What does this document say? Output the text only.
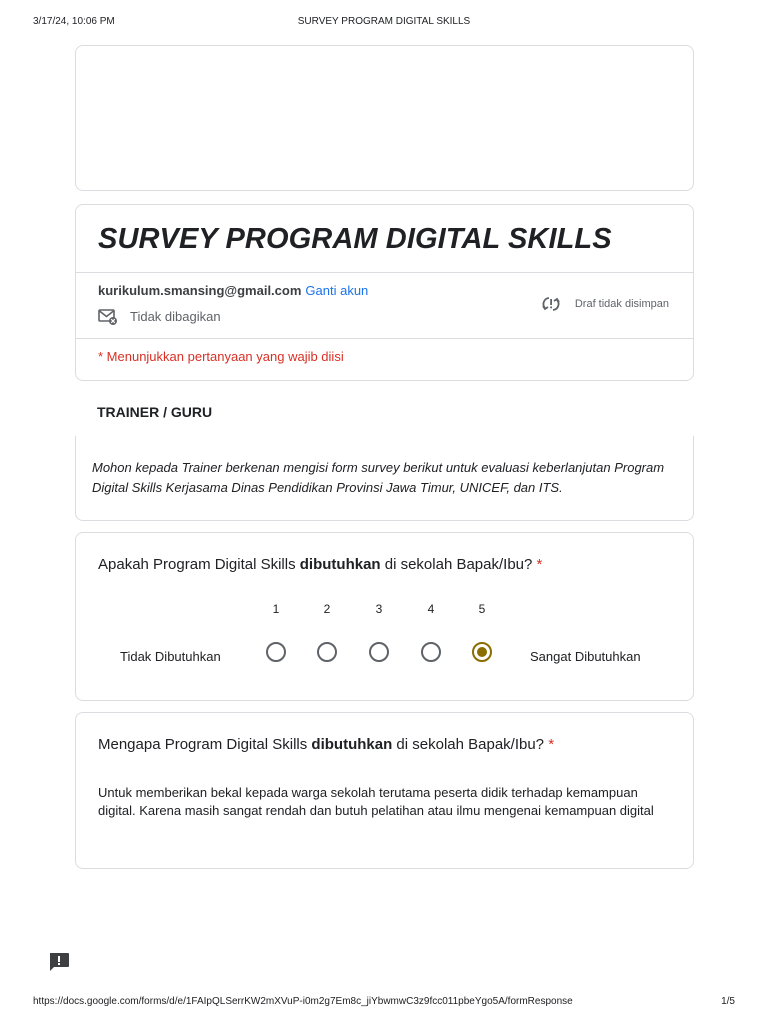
3/17/24, 10:06 PM	SURVEY PROGRAM DIGITAL SKILLS
SURVEY PROGRAM DIGITAL SKILLS
kurikulum.smansing@gmail.com Ganti akun
Tidak dibagikan
Draf tidak disimpan
* Menunjukkan pertanyaan yang wajib diisi
TRAINER / GURU
Mohon kepada Trainer berkenan mengisi form survey berikut untuk evaluasi keberlanjutan Program Digital Skills Kerjasama Dinas Pendidikan Provinsi Jawa Timur, UNICEF, dan ITS.
Apakah Program Digital Skills dibutuhkan di sekolah Bapak/Ibu? *
1	2	3	4	5
Tidak Dibutuhkan	Sangat Dibutuhkan
Mengapa Program Digital Skills dibutuhkan di sekolah Bapak/Ibu? *
Untuk memberikan bekal kepada warga sekolah terutama peserta didik terhadap kemampuan digital. Karena masih sangat rendah dan butuh pelatihan atau ilmu mengenai kemampuan digital
https://docs.google.com/forms/d/e/1FAIpQLSerrKW2mXVuP-i0m2g7Em8c_jiYbwmwC3z9fcc011pbeYgo5A/formResponse	1/5
